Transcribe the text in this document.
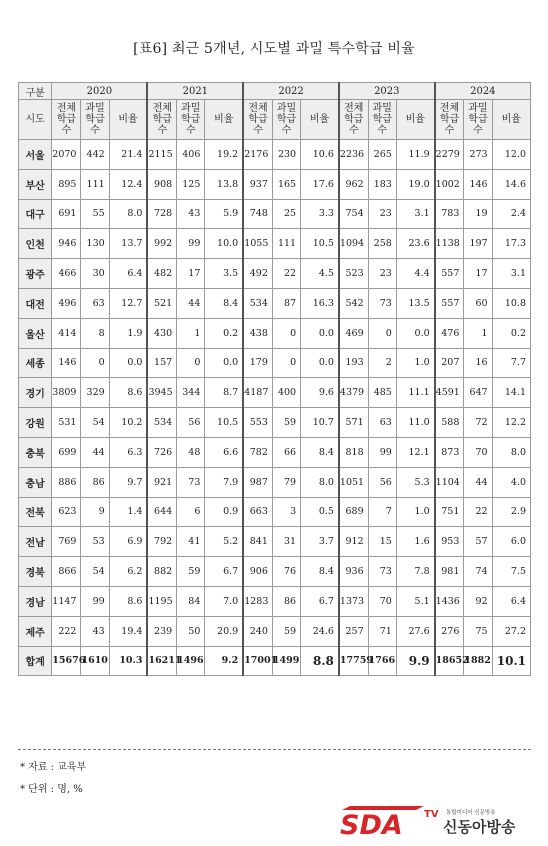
[표6] 최근 5개년, 시도별 과밀 특수학급 비율
구분	2020			2021			2022			2023			2024		
시도	전체 학급 수	과밀 학급 수	비율	전체 학급 수	과밀 학급 수	비율	전체 학급 수	과밀 학급 수	비율	전체 학급 수	과밀 학급 수	비율	전체 학급 수	과밀 학급 수	비율
서울	2070	442	21.4	2115	406	19.2	2176	230	10.6	2236	265	11.9	2279	273	12.0
부산	895	111	12.4	908	125	13.8	937	165	17.6	962	183	19.0	1002	146	14.6
대구	691	55	8.0	728	43	5.9	748	25	3.3	754	23	3.1	783	19	2.4
인천	946	130	13.7	992	99	10.0	1055	111	10.5	1094	258	23.6	1138	197	17.3
광주	466	30	6.4	482	17	3.5	492	22	4.5	523	23	4.4	557	17	3.1
대전	496	63	12.7	521	44	8.4	534	87	16.3	542	73	13.5	557	60	10.8
울산	414	8	1.9	430	1	0.2	438	0	0.0	469	0	0.0	476	1	0.2
세종	146	0	0.0	157	0	0.0	179	0	0.0	193	2	1.0	207	16	7.7
경기	3809	329	8.6	3945	344	8.7	4187	400	9.6	4379	485	11.1	4591	647	14.1
강원	531	54	10.2	534	56	10.5	553	59	10.7	571	63	11.0	588	72	12.2
충북	699	44	6.3	726	48	6.6	782	66	8.4	818	99	12.1	873	70	8.0
충남	886	86	9.7	921	73	7.9	987	79	8.0	1051	56	5.3	1104	44	4.0
전북	623	9	1.4	644	6	0.9	663	3	0.5	689	7	1.0	751	22	2.9
전남	769	53	6.9	792	41	5.2	841	31	3.7	912	15	1.6	953	57	6.0
경북	866	54	6.2	882	59	6.7	906	76	8.4	936	73	7.8	981	74	7.5
경남	1147	99	8.6	1195	84	7.0	1283	86	6.7	1373	70	5.1	1436	92	6.4
제주	222	43	19.4	239	50	20.9	240	59	24.6	257	71	27.6	276	75	27.2
합계	15676	1610	10.3	16211	1496	9.2	17001	1499	8.8	17759	1766	9.9	18652	1882	10.1
* 자료 : 교육부
* 단위 : 명, %
SDA TV 통합미디어 신문방송
신동아방송
